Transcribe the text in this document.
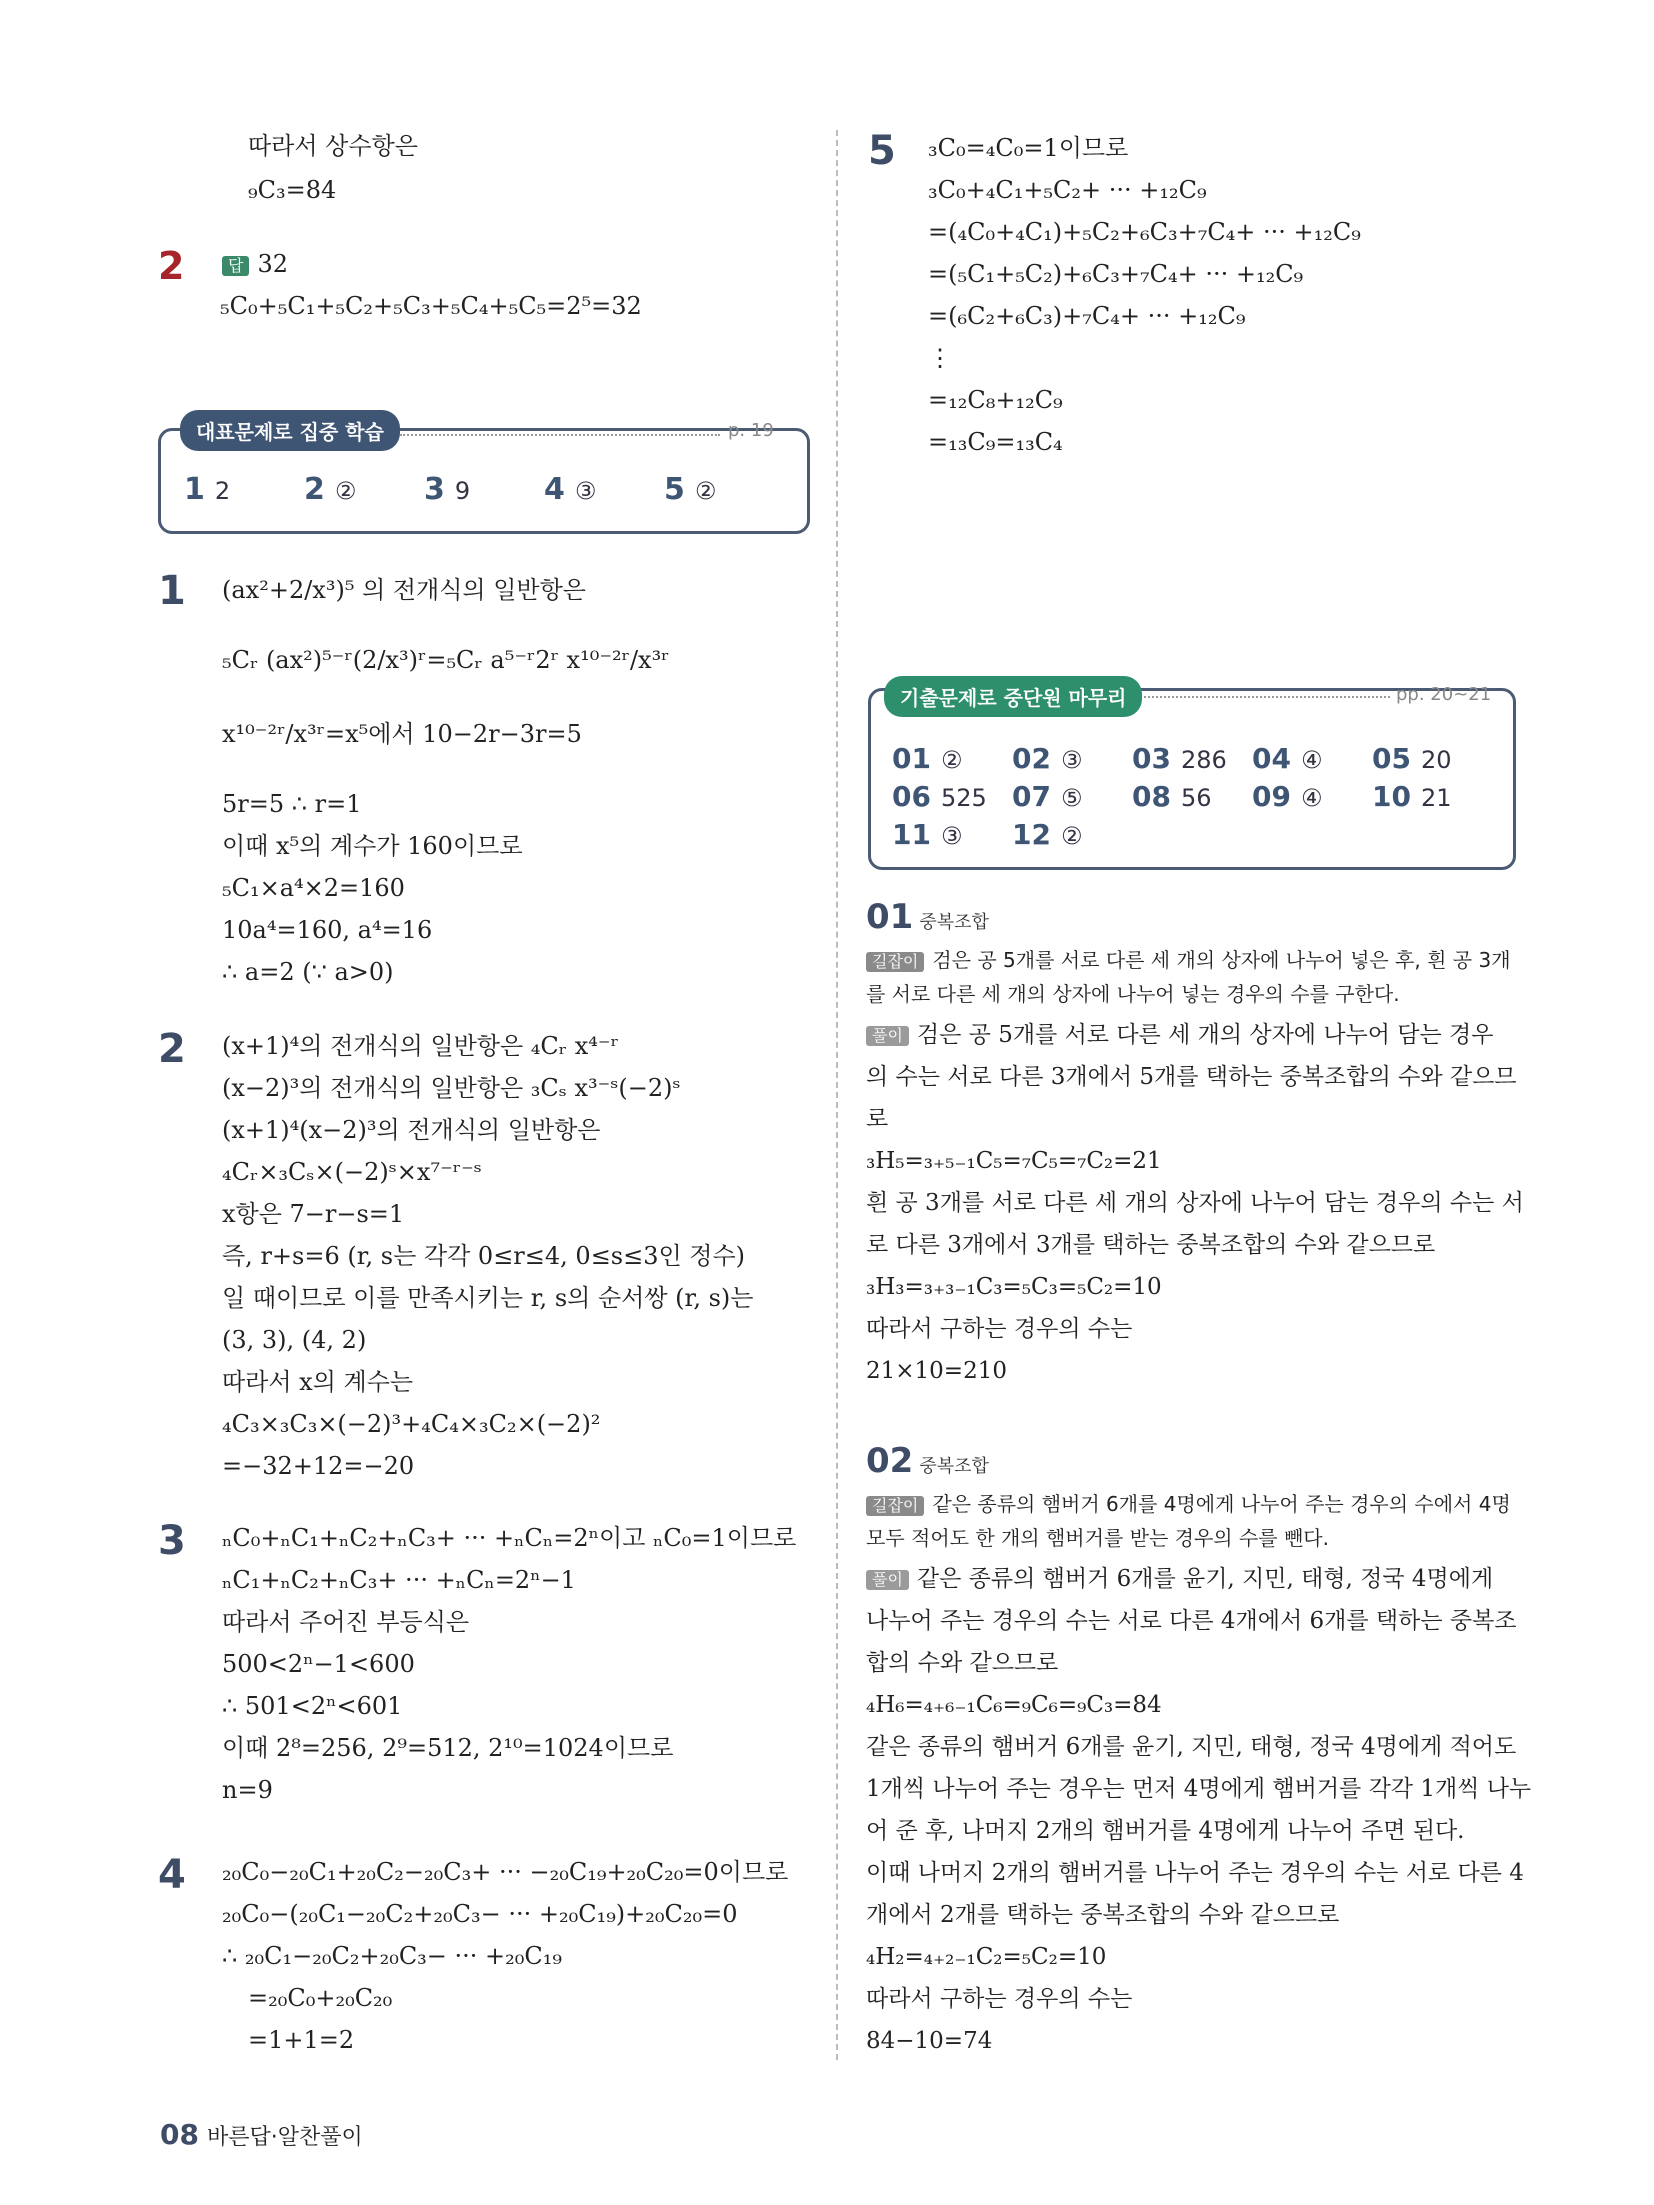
따라서 상수항은
₉C₃=84
2	답 32
₅C₀+₅C₁+₅C₂+₅C₃+₅C₄+₅C₅=2⁵=32
대표문제로 집중 학습	p. 19
1 2 2 ② 3 9 4 ③ 5 ②
1
2
3
4
(ax²+2/x³)⁵ 의 전개식의 일반항은
₅Cᵣ (ax²)⁵⁻ʳ(2/x³)ʳ=₅Cᵣ a⁵⁻ʳ2ʳ x¹⁰⁻²ʳ/x³ʳ
x¹⁰⁻²ʳ/x³ʳ=x⁵에서 10−2r−3r=5
5r=5 ∴ r=1
이때 x⁵의 계수가 160이므로
₅C₁×a⁴×2=160
10a⁴=160, a⁴=16
∴ a=2 (∵ a>0)
(x+1)⁴의 전개식의 일반항은 ₄Cᵣ x⁴⁻ʳ
(x−2)³의 전개식의 일반항은 ₃Cₛ x³⁻ˢ(−2)ˢ
(x+1)⁴(x−2)³의 전개식의 일반항은
₄Cᵣ×₃Cₛ×(−2)ˢ×x⁷⁻ʳ⁻ˢ
x항은 7−r−s=1
즉, r+s=6 (r, s는 각각 0≤r≤4, 0≤s≤3인 정수)
일 때이므로 이를 만족시키는 r, s의 순서쌍 (r, s)는
(3, 3), (4, 2)
따라서 x의 계수는
₄C₃×₃C₃×(−2)³+₄C₄×₃C₂×(−2)²
=−32+12=−20
ₙC₀+ₙC₁+ₙC₂+ₙC₃+ ··· +ₙCₙ=2ⁿ이고 ₙC₀=1이므로
ₙC₁+ₙC₂+ₙC₃+ ··· +ₙCₙ=2ⁿ−1
따라서 주어진 부등식은
500<2ⁿ−1<600
∴ 501<2ⁿ<601
이때 2⁸=256, 2⁹=512, 2¹⁰=1024이므로
n=9
₂₀C₀−₂₀C₁+₂₀C₂−₂₀C₃+ ··· −₂₀C₁₉+₂₀C₂₀=0이므로
₂₀C₀−(₂₀C₁−₂₀C₂+₂₀C₃− ··· +₂₀C₁₉)+₂₀C₂₀=0
∴ ₂₀C₁−₂₀C₂+₂₀C₃− ··· +₂₀C₁₉
=₂₀C₀+₂₀C₂₀
=1+1=2
5 ₃C₀=₄C₀=1이므로
₃C₀+₄C₁+₅C₂+ ··· +₁₂C₉
=(₄C₀+₄C₁)+₅C₂+₆C₃+₇C₄+ ··· +₁₂C₉
=(₅C₁+₅C₂)+₆C₃+₇C₄+ ··· +₁₂C₉
=(₆C₂+₆C₃)+₇C₄+ ··· +₁₂C₉
⋮
=₁₂C₈+₁₂C₉
=₁₃C₉=₁₃C₄
기출문제로 중단원 마무리	pp. 20~21
01 ② 02 ③ 03 286 04 ④ 05 20
06 525 07 ⑤ 08 56 09 ④ 10 21
11 ③ 12 ②
01 중복조합
길잡이 검은 공 5개를 서로 다른 세 개의 상자에 나누어 넣은 후, 흰 공 3개
를 서로 다른 세 개의 상자에 나누어 넣는 경우의 수를 구한다.
풀이 검은 공 5개를 서로 다른 세 개의 상자에 나누어 담는 경우
의 수는 서로 다른 3개에서 5개를 택하는 중복조합의 수와 같으므
로
₃H₅=₃₊₅₋₁C₅=₇C₅=₇C₂=21
흰 공 3개를 서로 다른 세 개의 상자에 나누어 담는 경우의 수는 서
로 다른 3개에서 3개를 택하는 중복조합의 수와 같으므로
₃H₃=₃₊₃₋₁C₃=₅C₃=₅C₂=10
따라서 구하는 경우의 수는
21×10=210
02 중복조합
길잡이 같은 종류의 햄버거 6개를 4명에게 나누어 주는 경우의 수에서 4명
모두 적어도 한 개의 햄버거를 받는 경우의 수를 뺀다.
풀이 같은 종류의 햄버거 6개를 윤기, 지민, 태형, 정국 4명에게
나누어 주는 경우의 수는 서로 다른 4개에서 6개를 택하는 중복조
합의 수와 같으므로
₄H₆=₄₊₆₋₁C₆=₉C₆=₉C₃=84
같은 종류의 햄버거 6개를 윤기, 지민, 태형, 정국 4명에게 적어도
1개씩 나누어 주는 경우는 먼저 4명에게 햄버거를 각각 1개씩 나누
어 준 후, 나머지 2개의 햄버거를 4명에게 나누어 주면 된다.
이때 나머지 2개의 햄버거를 나누어 주는 경우의 수는 서로 다른 4
개에서 2개를 택하는 중복조합의 수와 같으므로
₄H₂=₄₊₂₋₁C₂=₅C₂=10
따라서 구하는 경우의 수는
84−10=74
08 바른답·알찬풀이
